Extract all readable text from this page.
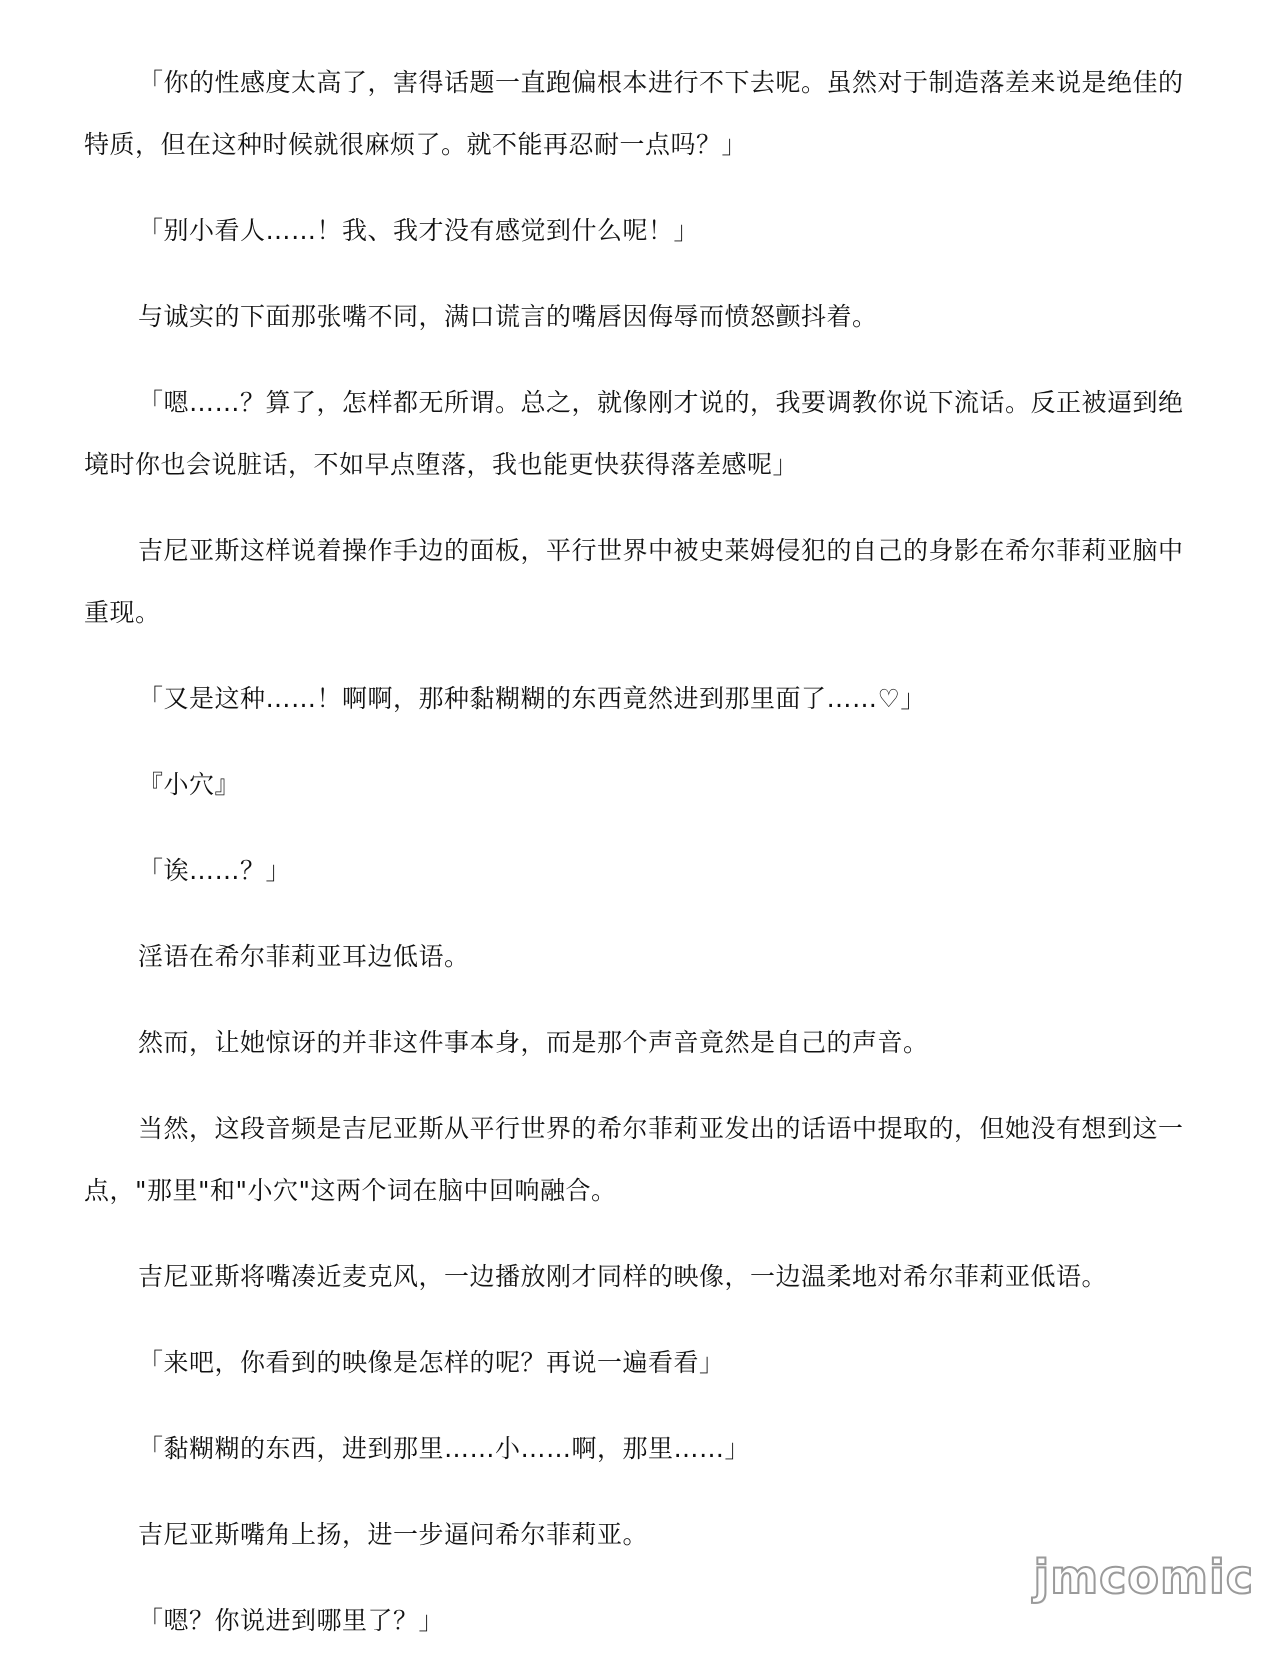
「你的性感度太高了，害得话题一直跑偏根本进行不下去呢。虽然对于制造落差来说是绝佳的特质，但在这种时候就很麻烦了。就不能再忍耐一点吗？」

「别小看人……！我、我才没有感觉到什么呢！」

与诚实的下面那张嘴不同，满口谎言的嘴唇因侮辱而愤怒颤抖着。

「嗯……？算了，怎样都无所谓。总之，就像刚才说的，我要调教你说下流话。反正被逼到绝境时你也会说脏话，不如早点堕落，我也能更快获得落差感呢」

吉尼亚斯这样说着操作手边的面板，平行世界中被史莱姆侵犯的自己的身影在希尔菲莉亚脑中重现。

「又是这种……！啊啊，那种黏糊糊的东西竟然进到那里面了……♡」

『小穴』

「诶……？」

淫语在希尔菲莉亚耳边低语。

然而，让她惊讶的并非这件事本身，而是那个声音竟然是自己的声音。

当然，这段音频是吉尼亚斯从平行世界的希尔菲莉亚发出的话语中提取的，但她没有想到这一点，"那里"和"小穴"这两个词在脑中回响融合。

吉尼亚斯将嘴凑近麦克风，一边播放刚才同样的映像，一边温柔地对希尔菲莉亚低语。

「来吧，你看到的映像是怎样的呢？再说一遍看看」

「黏糊糊的东西，进到那里……小……啊，那里……」

吉尼亚斯嘴角上扬，进一步逼问希尔菲莉亚。

「嗯？你说进到哪里了？」

jmcomic
